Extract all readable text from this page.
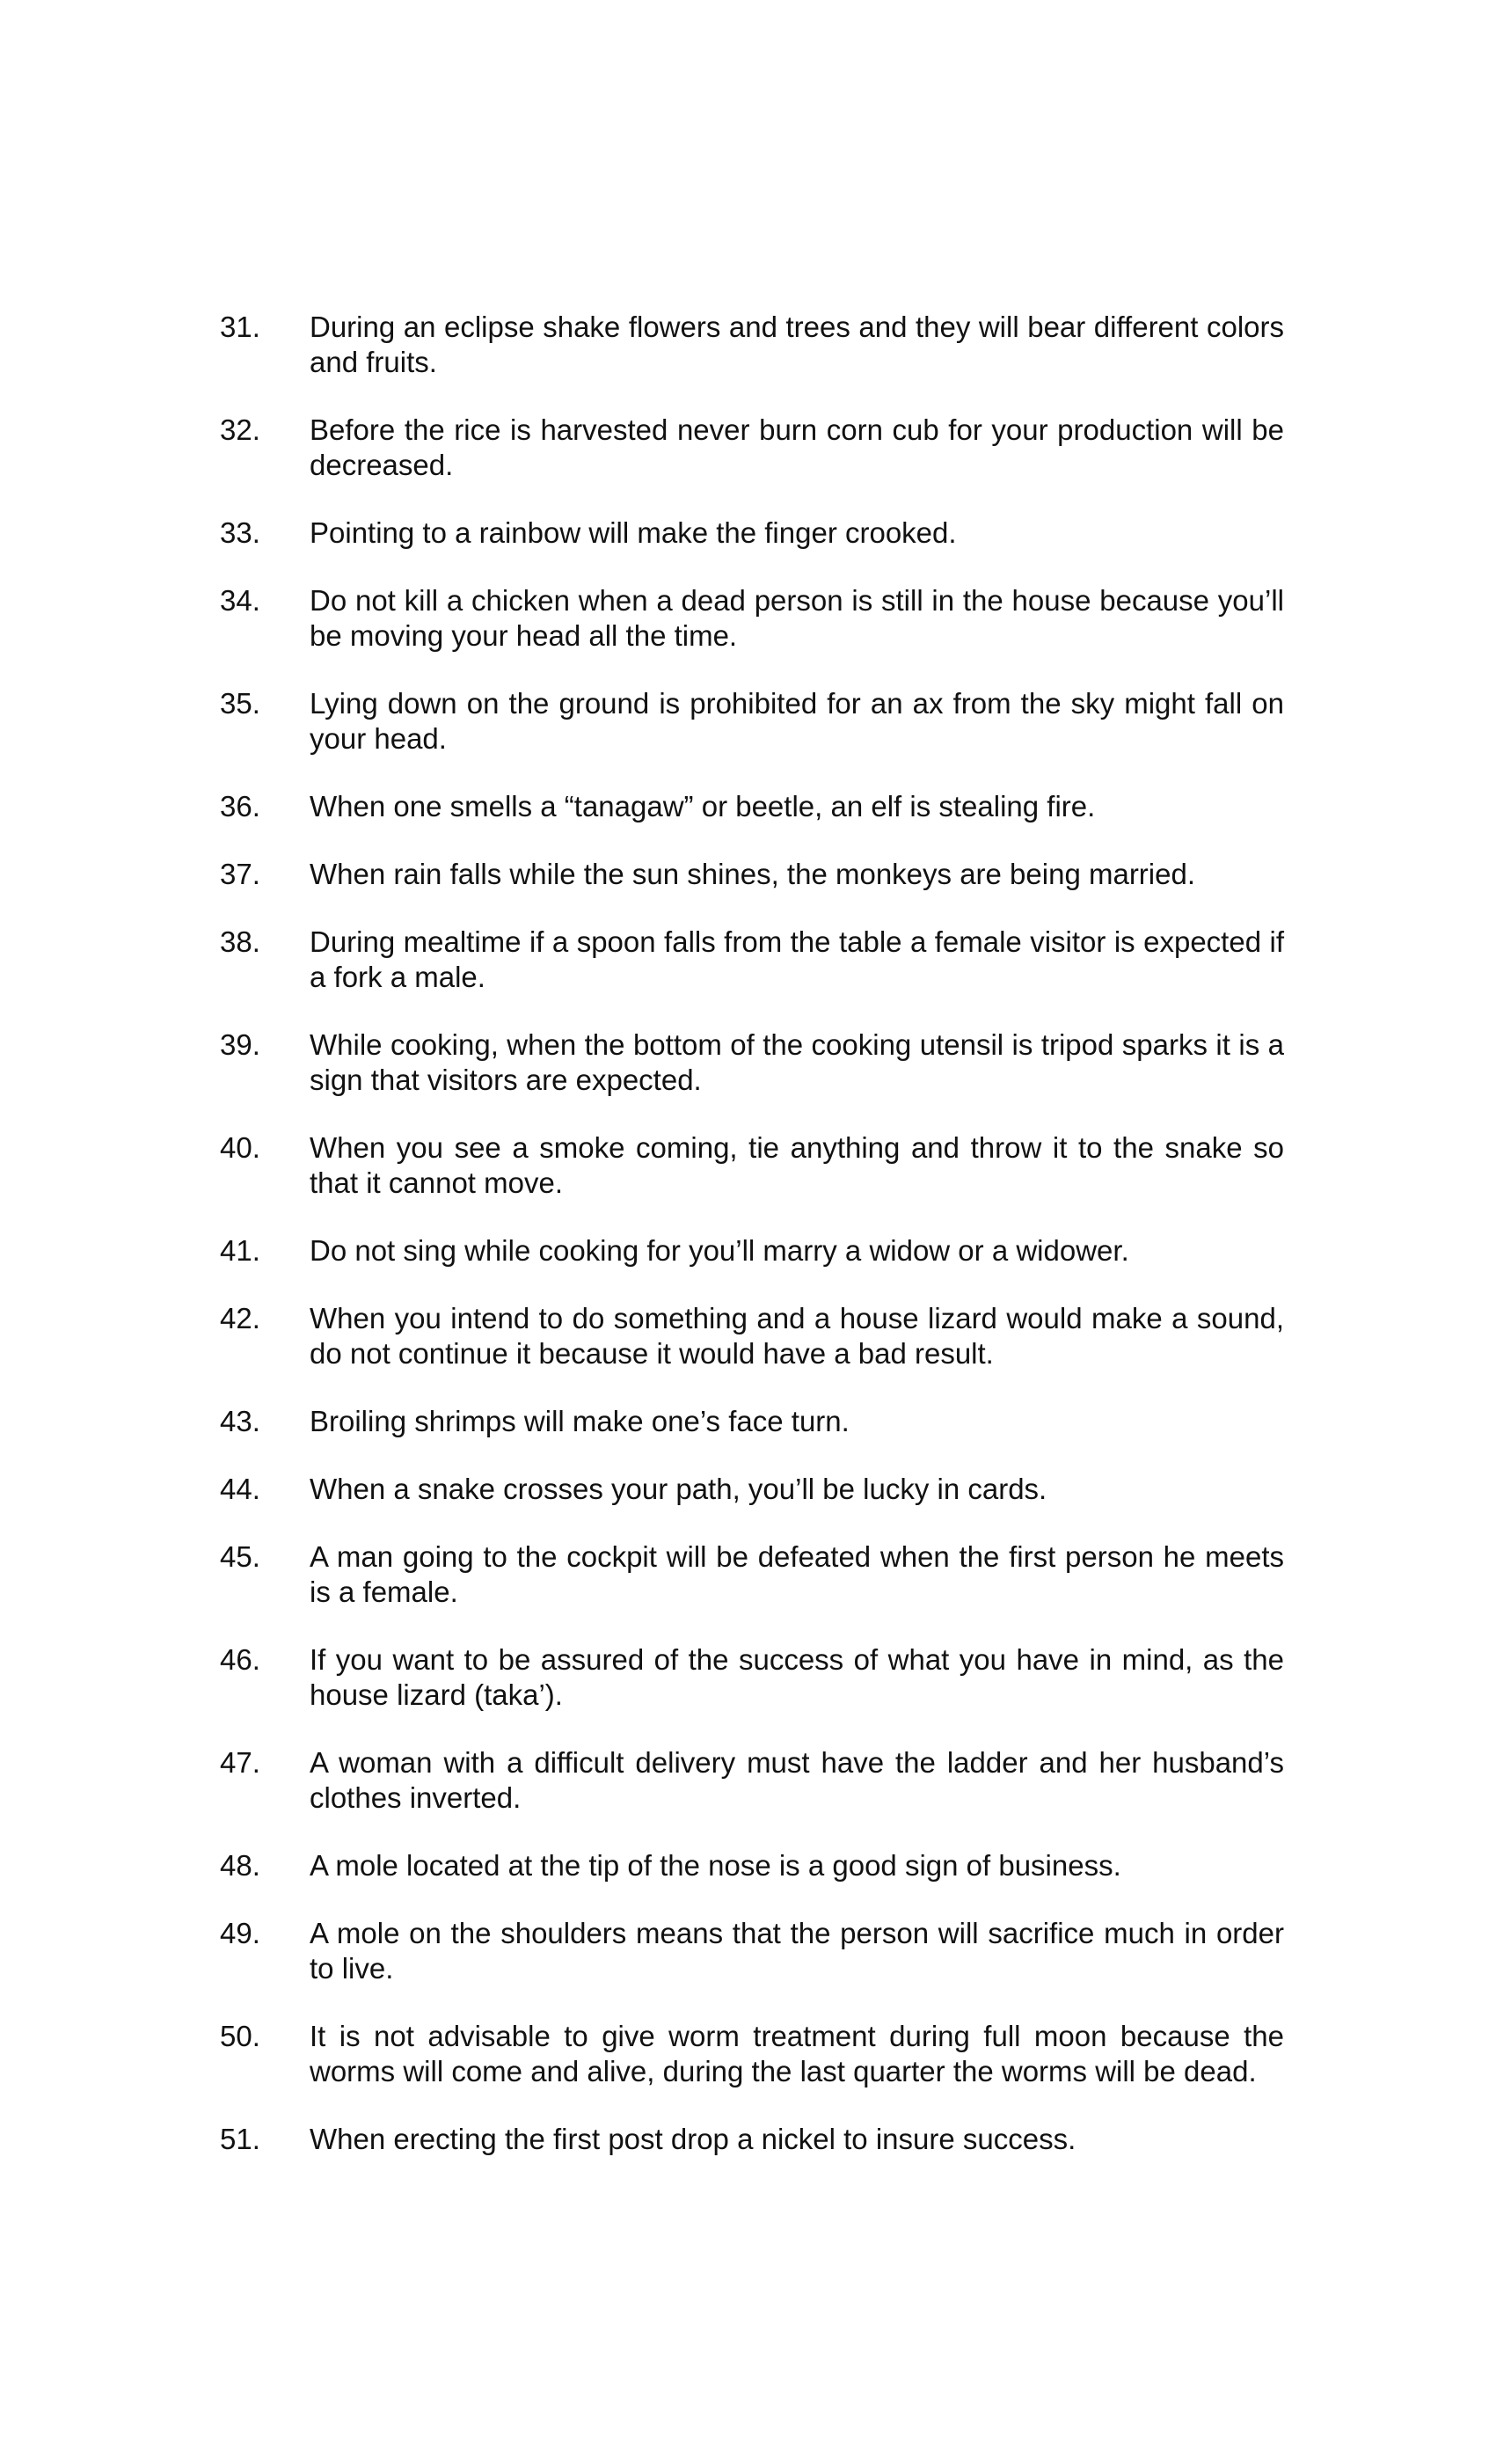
31.	During an eclipse shake flowers and trees and they will bear different colors and fruits.
32.	Before the rice is harvested never burn corn cub for your production will be decreased.
33.	Pointing to a rainbow will make the finger crooked.
34.	Do not kill a chicken when a dead person is still in the house because you’ll be moving your head all the time.
35.	Lying down on the ground is prohibited for an ax from the sky might fall on your head.
36.	When one smells a “tanagaw” or beetle, an elf is stealing fire.
37.	When rain falls while the sun shines, the monkeys are being married.
38.	During mealtime if a spoon falls from the table a female visitor is expected if a fork a male.
39.	While cooking, when the bottom of the cooking utensil is tripod sparks it is a sign that visitors are expected.
40.	When you see a smoke coming, tie anything and throw it to the snake so that it cannot move.
41.	Do not sing while cooking for you’ll marry a widow or a widower.
42.	When you intend to do something and a house lizard would make a sound, do not continue it because it would have a bad result.
43.	Broiling shrimps will make one’s face turn.
44.	When a snake crosses your path, you’ll be lucky in cards.
45.	A man going to the cockpit will be defeated when the first person he meets is a female.
46.	If you want to be assured of the success of what you have in mind, as the house lizard (taka’).
47.	A woman with a difficult delivery must have the ladder and her husband’s clothes inverted.
48.	A mole located at the tip of the nose is a good sign of business.
49.	A mole on the shoulders means that the person will sacrifice much in order to live.
50.	It is not advisable to give worm treatment during full moon because the worms will come and alive, during the last quarter the worms will be dead.
51.	When erecting the first post drop a nickel to insure success.
